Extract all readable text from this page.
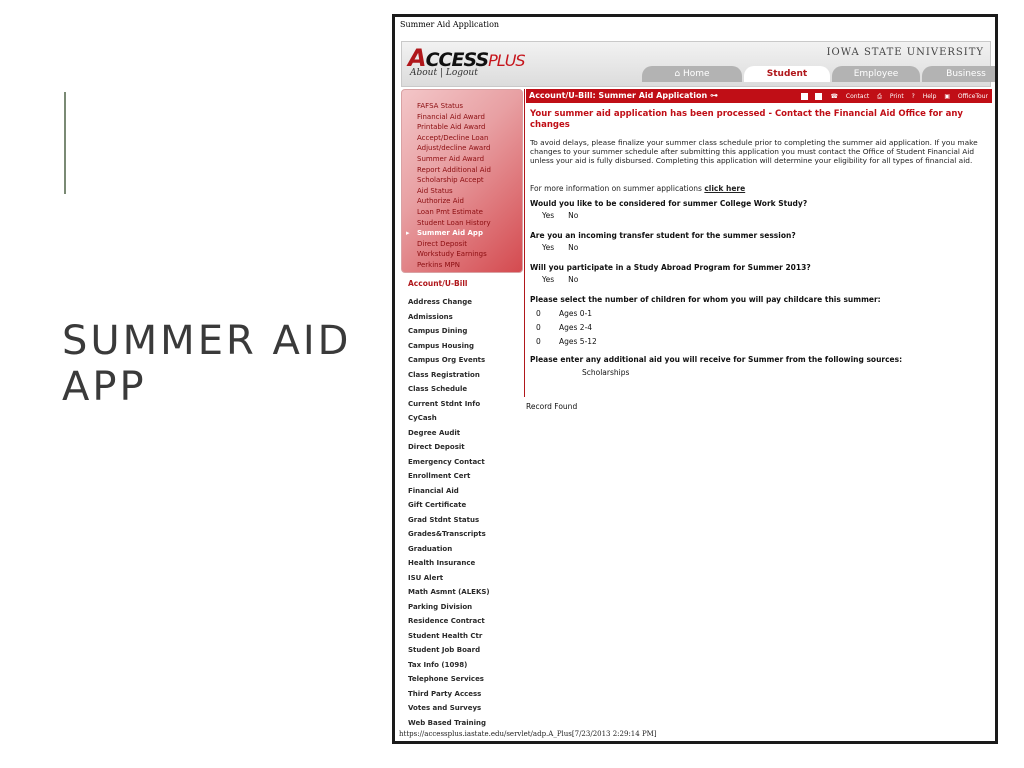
SUMMER AID
APP
Summer Aid Application
ACCESSPLUS
About | Logout
IOWA STATE UNIVERSITY
⌂ Home	Student	Employee	Business
FAFSA Status
Financial Aid Award
Printable Aid Award
Accept/Decline Loan
Adjust/decline Award
Summer Aid Award
Report Additional Aid
Scholarship Accept
Aid Status
Authorize Aid
Loan Pmt Estimate
Student Loan History
▸ Summer Aid App
Direct Deposit
Workstudy Earnings
Perkins MPN
Account/U-Bill
Address Change
Admissions
Campus Dining
Campus Housing
Campus Org Events
Class Registration
Class Schedule
Current Stdnt Info
CyCash
Degree Audit
Direct Deposit
Emergency Contact
Enrollment Cert
Financial Aid
Gift Certificate
Grad Stdnt Status
Grades&Transcripts
Graduation
Health Insurance
ISU Alert
Math Asmnt (ALEKS)
Parking Division
Residence Contract
Student Health Ctr
Student Job Board
Tax Info (1098)
Telephone Services
Third Party Access
Votes and Surveys
Web Based Training
Account/U-Bill: Summer Aid Application ⊶	☎ Contact ⎙ Print ? Help ▣ OfficeTour
Your summer aid application has been processed - Contact the Financial Aid Office for any changes
To avoid delays, please finalize your summer class schedule prior to completing the summer aid application. If you make changes to your summer schedule after submitting this application you must contact the Office of Student Financial Aid unless your aid is fully disbursed. Completing this application will determine your eligibility for all types of financial aid.
For more information on summer applications click here
Would you like to be considered for summer College Work Study?
Yes No
Are you an incoming transfer student for the summer session?
Yes No
Will you participate in a Study Abroad Program for Summer 2013?
Yes No
Please select the number of children for whom you will pay childcare this summer:
0 Ages 0-1
0 Ages 2-4
0 Ages 5-12
Please enter any additional aid you will receive for Summer from the following sources:
Scholarships
Record Found
https://accessplus.iastate.edu/servlet/adp.A_Plus[7/23/2013 2:29:14 PM]
